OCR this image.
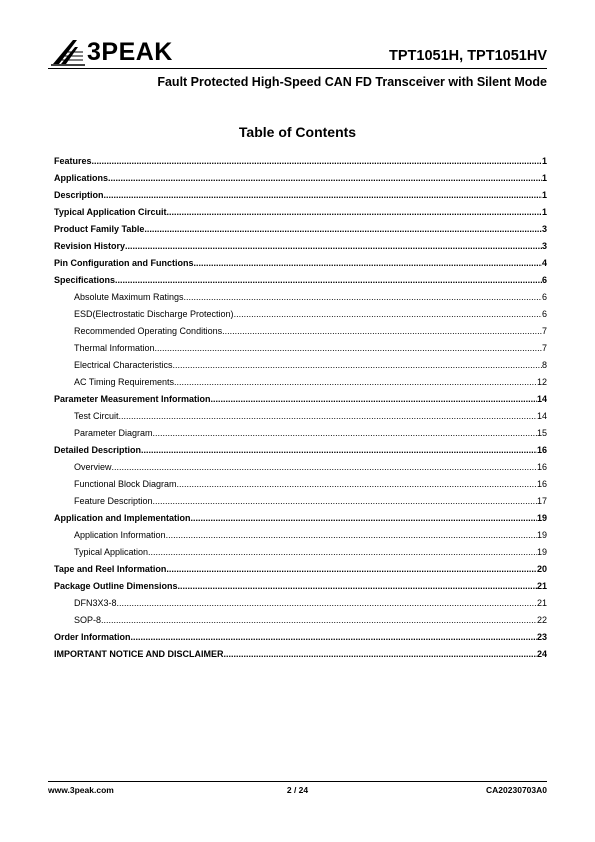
3PEAK	TPT1051H, TPT1051HV
Fault Protected High-Speed CAN FD Transceiver with Silent Mode
Table of Contents
Features .....	1
Applications .....	1
Description .....	1
Typical Application Circuit .....	1
Product Family Table .....	3
Revision History .....	3
Pin Configuration and Functions .....	4
Specifications .....	6
Absolute Maximum Ratings .....	6
ESD(Electrostatic Discharge Protection) .....	6
Recommended Operating Conditions .....	7
Thermal Information .....	7
Electrical Characteristics .....	8
AC Timing Requirements .....	12
Parameter Measurement Information .....	14
Test Circuit .....	14
Parameter Diagram .....	15
Detailed Description .....	16
Overview .....	16
Functional Block Diagram .....	16
Feature Description .....	17
Application and Implementation .....	19
Application Information .....	19
Typical Application .....	19
Tape and Reel Information .....	20
Package Outline Dimensions .....	21
DFN3X3-8 .....	21
SOP-8 .....	22
Order Information .....	23
IMPORTANT NOTICE AND DISCLAIMER .....	24
www.3peak.com	2 / 24	CA20230703A0
